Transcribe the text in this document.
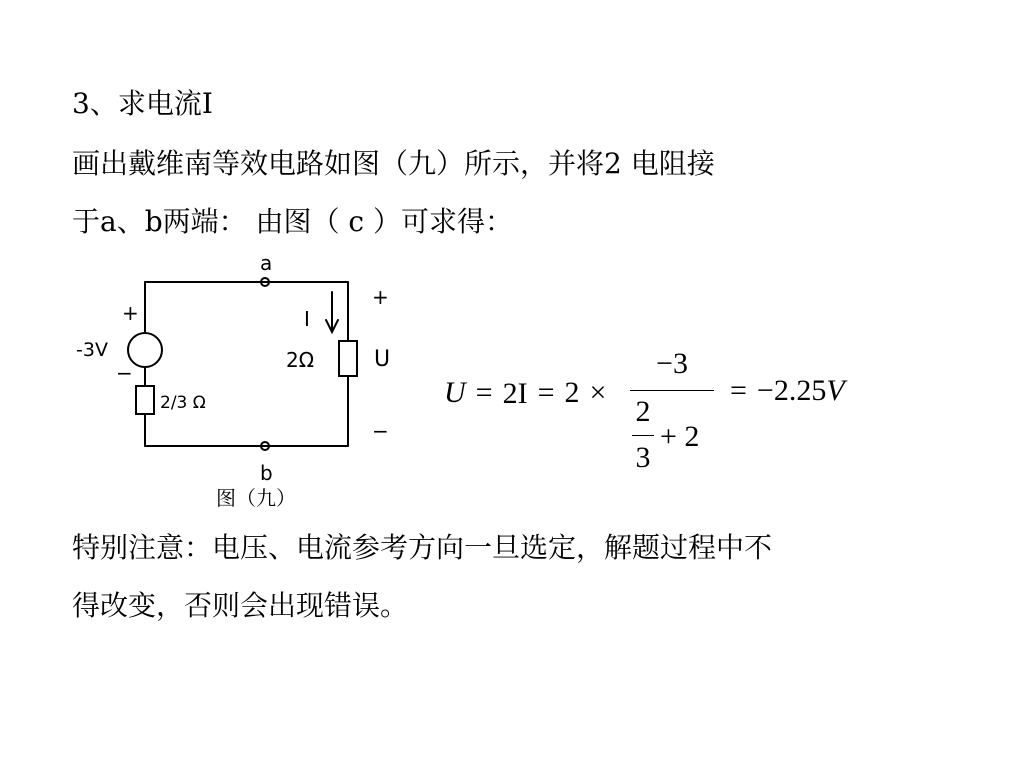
3、求电流I
画出戴维南等效电路如图（九）所示，并将2 电阻接
于a、b两端： 由图（ c ）可求得：
a
b
+
-3V
−
2/3 Ω
I
2Ω
+
U
−
图（九）
U = 2I = 2 ×
−3
2
3
+ 2
= −2.25V
特别注意：电压、电流参考方向一旦选定，解题过程中不
得改变，否则会出现错误。
